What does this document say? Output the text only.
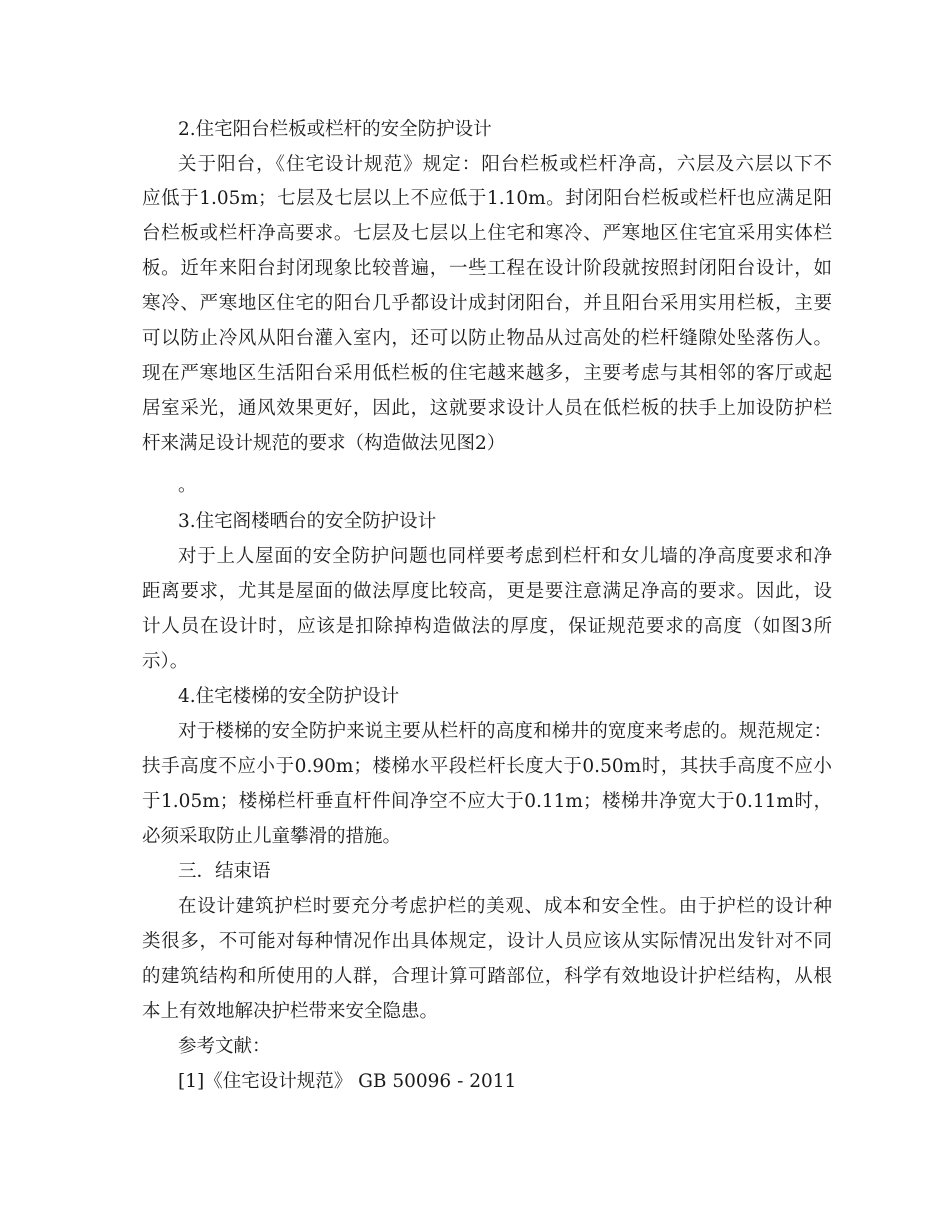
2.住宅阳台栏板或栏杆的安全防护设计
关于阳台，《住宅设计规范》规定：阳台栏板或栏杆净高，六层及六层以下不
应低于1.05m；七层及七层以上不应低于1.10m。封闭阳台栏板或栏杆也应满足阳
台栏板或栏杆净高要求。七层及七层以上住宅和寒冷、严寒地区住宅宜采用实体栏
板。近年来阳台封闭现象比较普遍，一些工程在设计阶段就按照封闭阳台设计，如
寒冷、严寒地区住宅的阳台几乎都设计成封闭阳台，并且阳台采用实用栏板，主要
可以防止冷风从阳台灌入室内，还可以防止物品从过高处的栏杆缝隙处坠落伤人。
现在严寒地区生活阳台采用低栏板的住宅越来越多，主要考虑与其相邻的客厅或起
居室采光，通风效果更好，因此，这就要求设计人员在低栏板的扶手上加设防护栏
杆来满足设计规范的要求（构造做法见图2）
。
3.住宅阁楼晒台的安全防护设计
对于上人屋面的安全防护问题也同样要考虑到栏杆和女儿墙的净高度要求和净
距离要求，尤其是屋面的做法厚度比较高，更是要注意满足净高的要求。因此，设
计人员在设计时，应该是扣除掉构造做法的厚度，保证规范要求的高度（如图3所
示）。
4.住宅楼梯的安全防护设计
对于楼梯的安全防护来说主要从栏杆的高度和梯井的宽度来考虑的。规范规定：
扶手高度不应小于0.90m；楼梯水平段栏杆长度大于0.50m时，其扶手高度不应小
于1.05m；楼梯栏杆垂直杆件间净空不应大于0.11m；楼梯井净宽大于0.11m时，
必须采取防止儿童攀滑的措施。
三．结束语
在设计建筑护栏时要充分考虑护栏的美观、成本和安全性。由于护栏的设计种
类很多，不可能对每种情况作出具体规定，设计人员应该从实际情况出发针对不同
的建筑结构和所使用的人群，合理计算可踏部位，科学有效地设计护栏结构，从根
本上有效地解决护栏带来安全隐患。
参考文献：
[1]《住宅设计规范》 GB 50096 - 2011
